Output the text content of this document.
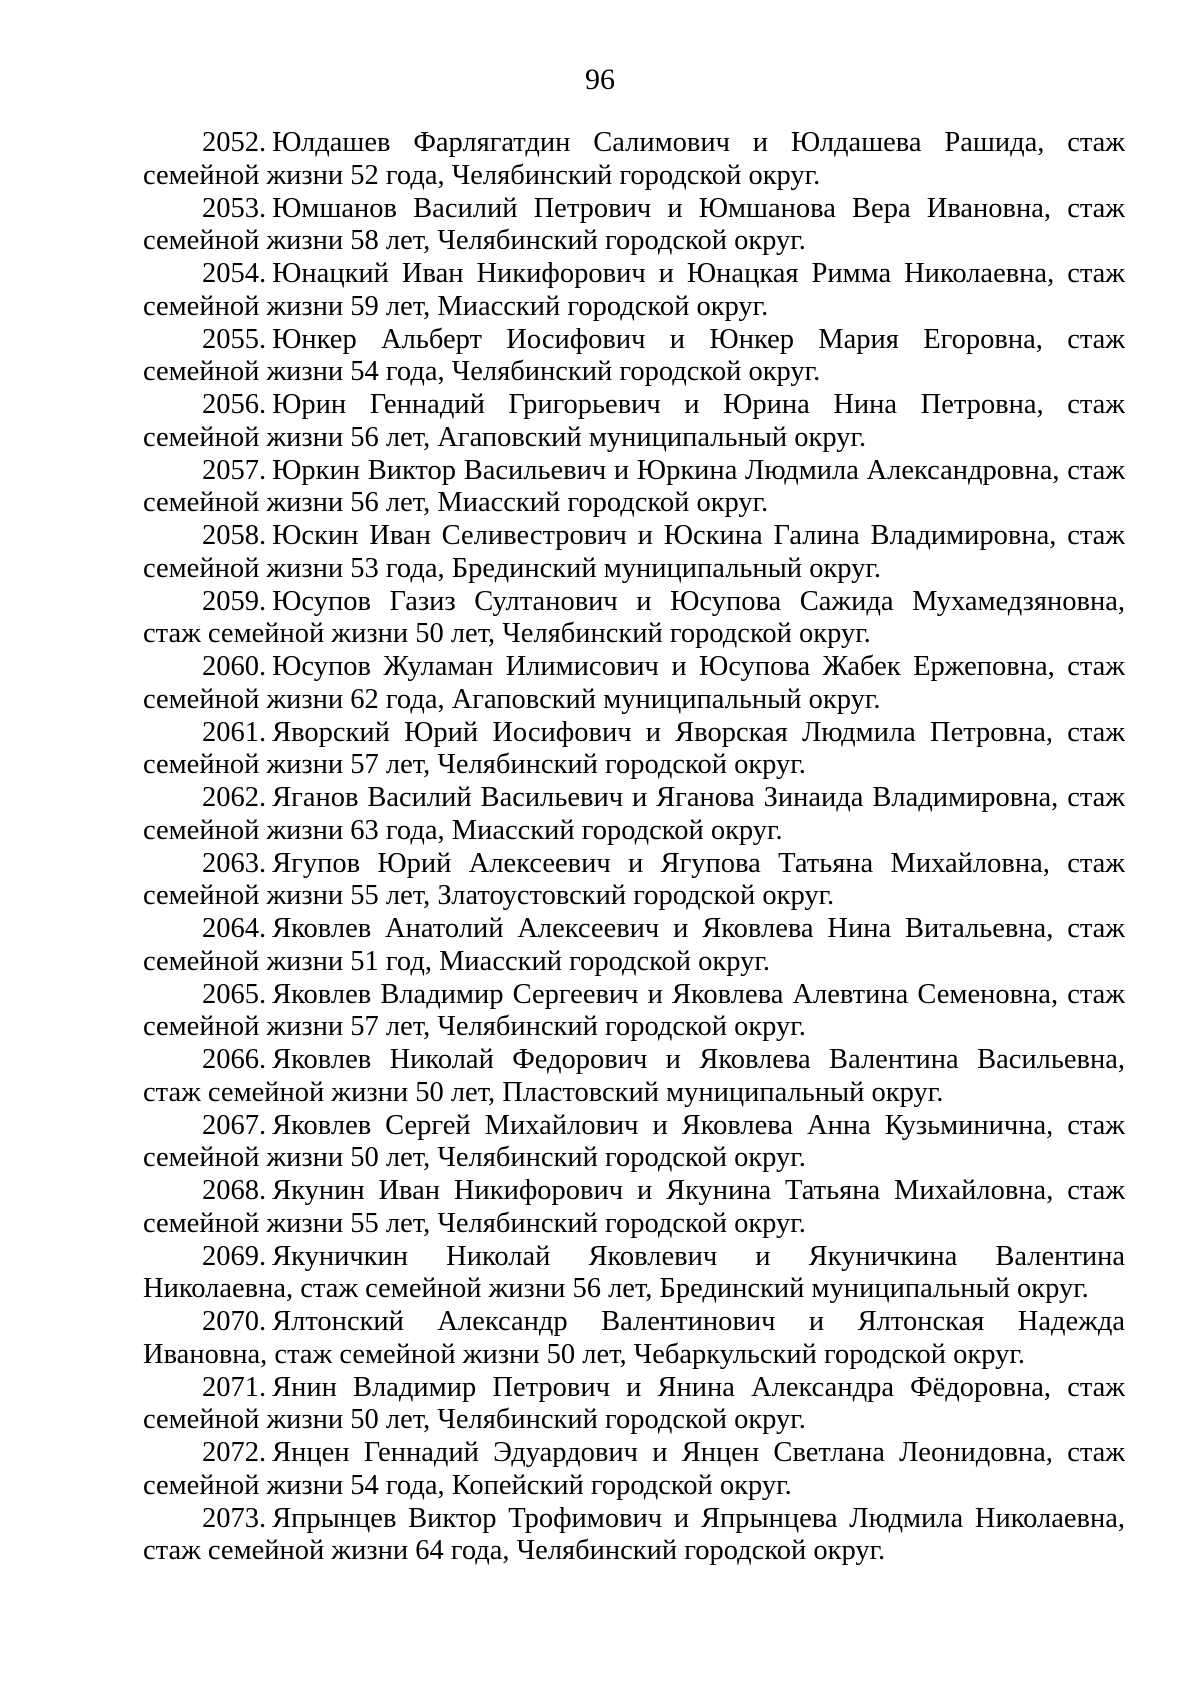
96
2052. Юлдашев Фарлягатдин Салимович и Юлдашева Рашида, стаж
семейной жизни 52 года, Челябинский городской округ.
2053. Юмшанов Василий Петрович и Юмшанова Вера Ивановна, стаж
семейной жизни 58 лет, Челябинский городской округ.
2054. Юнацкий Иван Никифорович и Юнацкая Римма Николаевна, стаж
семейной жизни 59 лет, Миасский городской округ.
2055. Юнкер Альберт Иосифович и Юнкер Мария Егоровна, стаж
семейной жизни 54 года, Челябинский городской округ.
2056. Юрин Геннадий Григорьевич и Юрина Нина Петровна, стаж
семейной жизни 56 лет, Агаповский муниципальный округ.
2057. Юркин Виктор Васильевич и Юркина Людмила Александровна, стаж
семейной жизни 56 лет, Миасский городской округ.
2058. Юскин Иван Селивестрович и Юскина Галина Владимировна, стаж
семейной жизни 53 года, Брединский муниципальный округ.
2059. Юсупов Газиз Султанович и Юсупова Сажида Мухамедзяновна,
стаж семейной жизни 50 лет, Челябинский городской округ.
2060. Юсупов Жуламан Илимисович и Юсупова Жабек Ержеповна, стаж
семейной жизни 62 года, Агаповский муниципальный округ.
2061. Яворский Юрий Иосифович и Яворская Людмила Петровна, стаж
семейной жизни 57 лет, Челябинский городской округ.
2062. Яганов Василий Васильевич и Яганова Зинаида Владимировна, стаж
семейной жизни 63 года, Миасский городской округ.
2063. Ягупов Юрий Алексеевич и Ягупова Татьяна Михайловна, стаж
семейной жизни 55 лет, Златоустовский городской округ.
2064. Яковлев Анатолий Алексеевич и Яковлева Нина Витальевна, стаж
семейной жизни 51 год, Миасский городской округ.
2065. Яковлев Владимир Сергеевич и Яковлева Алевтина Семеновна, стаж
семейной жизни 57 лет, Челябинский городской округ.
2066. Яковлев Николай Федорович и Яковлева Валентина Васильевна,
стаж семейной жизни 50 лет, Пластовский муниципальный округ.
2067. Яковлев Сергей Михайлович и Яковлева Анна Кузьминична, стаж
семейной жизни 50 лет, Челябинский городской округ.
2068. Якунин Иван Никифорович и Якунина Татьяна Михайловна, стаж
семейной жизни 55 лет, Челябинский городской округ.
2069. Якуничкин Николай Яковлевич и Якуничкина Валентина
Николаевна, стаж семейной жизни 56 лет, Брединский муниципальный округ.
2070. Ялтонский Александр Валентинович и Ялтонская Надежда
Ивановна, стаж семейной жизни 50 лет, Чебаркульский городской округ.
2071. Янин Владимир Петрович и Янина Александра Фёдоровна, стаж
семейной жизни 50 лет, Челябинский городской округ.
2072. Янцен Геннадий Эдуардович и Янцен Светлана Леонидовна, стаж
семейной жизни 54 года, Копейский городской округ.
2073. Япрынцев Виктор Трофимович и Япрынцева Людмила Николаевна,
стаж семейной жизни 64 года, Челябинский городской округ.
